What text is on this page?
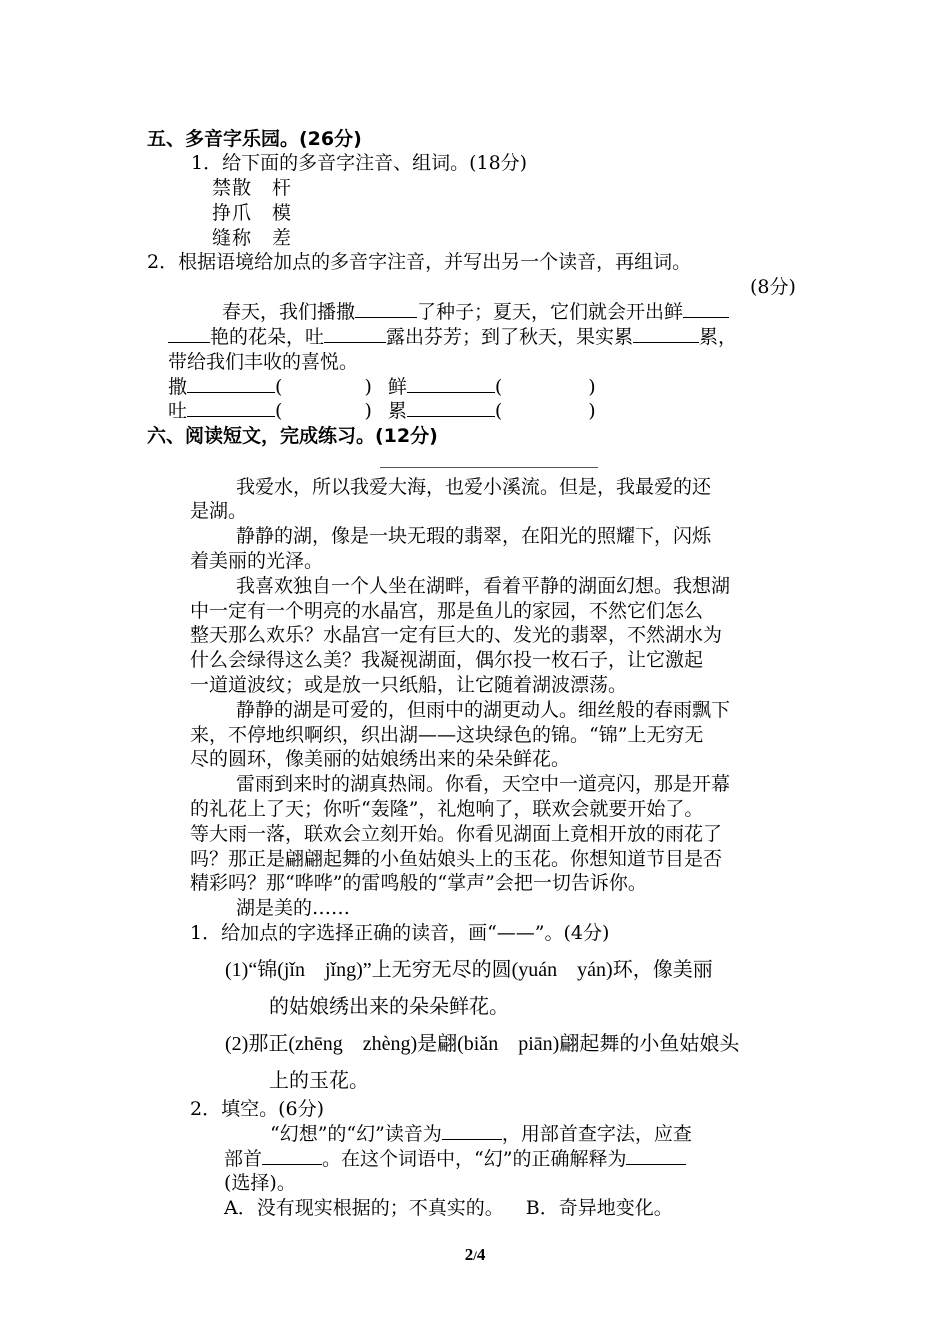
五、多音字乐园。(26分)
1．给下面的多音字注音、组词。(18分)
禁散　杆
挣爪　模
缝称　差
2．根据语境给加点的多音字注音，并写出另一个读音，再组词。
(8分)
春天，我们播撒	了种子；夏天，它们就会开出鲜
艳的花朵，吐	露出芬芳；到了秋天，果实累	累，
带给我们丰收的喜悦。
撒	(	) 鲜	(	)
吐	(	) 累	(	)
六、阅读短文，完成练习。(12分)
我爱水，所以我爱大海，也爱小溪流。但是，我最爱的还
是湖。
静静的湖，像是一块无瑕的翡翠，在阳光的照耀下，闪烁
着美丽的光泽。
我喜欢独自一个人坐在湖畔，看着平静的湖面幻想。我想湖
中一定有一个明亮的水晶宫，那是鱼儿的家园，不然它们怎么
整天那么欢乐？水晶宫一定有巨大的、发光的翡翠，不然湖水为
什么会绿得这么美？我凝视湖面，偶尔投一枚石子，让它激起
一道道波纹；或是放一只纸船，让它随着湖波漂荡。
静静的湖是可爱的，但雨中的湖更动人。细丝般的春雨飘下
来，不停地织啊织，织出湖——这块绿色的锦。“锦”上无穷无
尽的圆环，像美丽的姑娘绣出来的朵朵鲜花。
雷雨到来时的湖真热闹。你看，天空中一道亮闪，那是开幕
的礼花上了天；你听“轰隆”，礼炮响了，联欢会就要开始了。
等大雨一落，联欢会立刻开始。你看见湖面上竟相开放的雨花了
吗？那正是翩翩起舞的小鱼姑娘头上的玉花。你想知道节目是否
精彩吗？那“哗哗”的雷鸣般的“掌声”会把一切告诉你。
湖是美的……
1．给加点的字选择正确的读音，画“——”。(4分)
(1)“锦(jǐn　jǐng)”上无穷无尽的圆(yuán　yán)环，像美丽
的姑娘绣出来的朵朵鲜花。
(2)那正(zhēng　zhèng)是翩(biǎn　piān)翩起舞的小鱼姑娘头
上的玉花。
2．填空。(6分)
“幻想”的“幻”读音为	，用部首查字法，应查
部首	。在这个词语中，“幻”的正确解释为
(选择)。
A．没有现实根据的；不真实的。 B．奇异地变化。
2/4
